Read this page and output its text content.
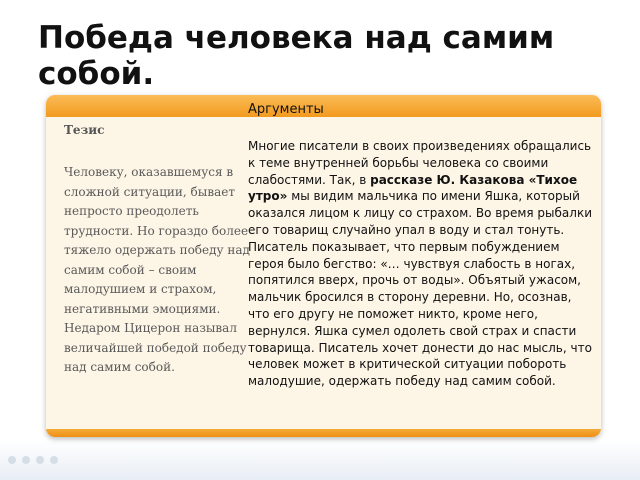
Победа человека над самим собой.
Аргументы
Тезис

Человеку, оказавшемуся в сложной ситуации, бывает непросто преодолеть трудности. Но гораздо более тяжело одержать победу над самим собой – своим малодушием и страхом, негативными эмоциями. Недаром Цицерон называл величайшей победой победу над самим собой.

Многие писатели в своих произведениях обращались к теме внутренней борьбы человека со своими слабостями. Так, в рассказе Ю. Казакова «Тихое утро» мы видим мальчика по имени Яшка, который оказался лицом к лицу со страхом. Во время рыбалки его товарищ случайно упал в воду и стал тонуть. Писатель показывает, что первым побуждением героя было бегство: «… чувствуя слабость в ногах, попятился вверх, прочь от воды». Объятый ужасом, мальчик бросился в сторону деревни. Но, осознав, что его другу не поможет никто, кроме него, вернулся. Яшка сумел одолеть свой страх и спасти товарища. Писатель хочет донести до нас мысль, что человек может в критической ситуации побороть малодушие, одержать победу над самим собой.
